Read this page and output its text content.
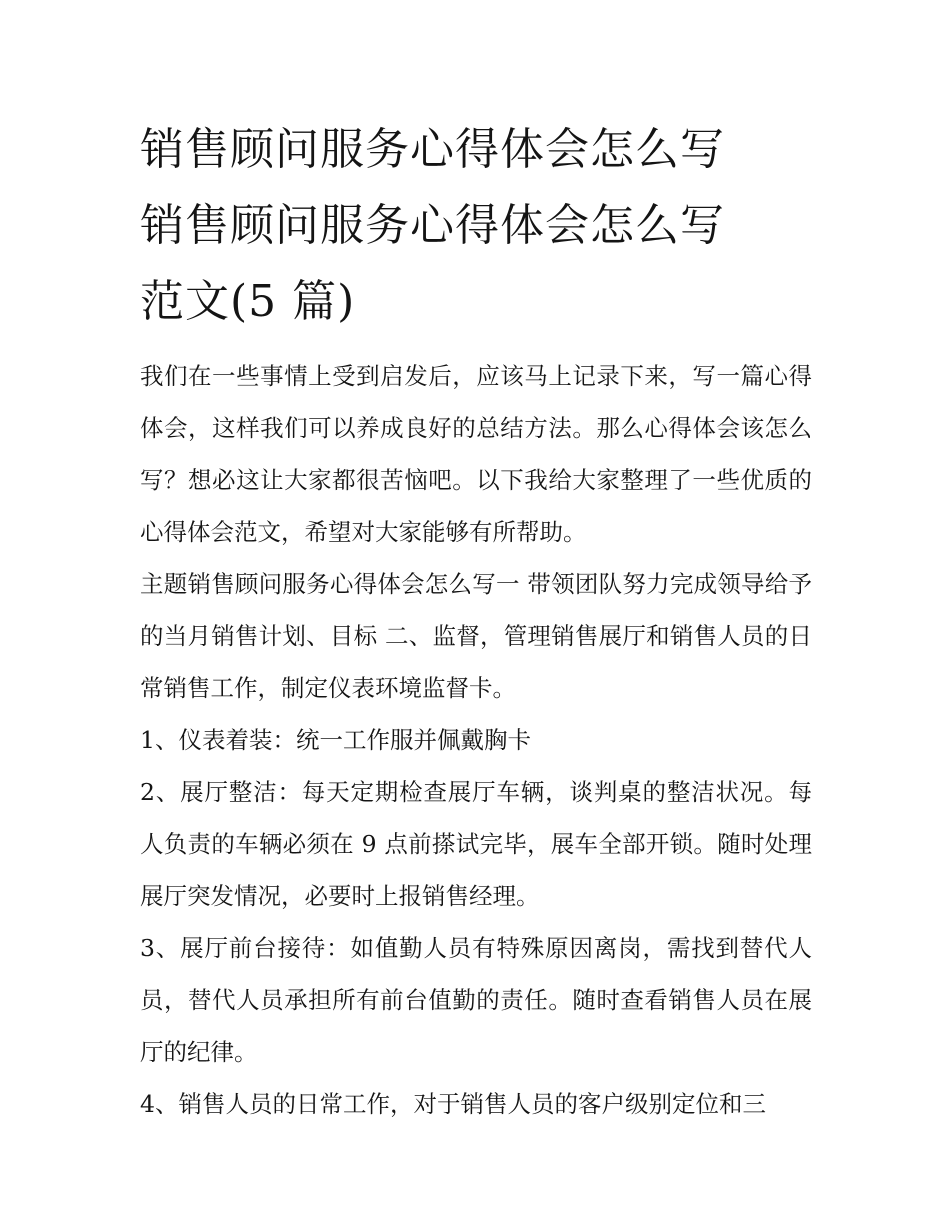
销售顾问服务心得体会怎么写
销售顾问服务心得体会怎么写
范文(5 篇)

我们在一些事情上受到启发后，应该马上记录下来，写一篇心得体会，这样我们可以养成良好的总结方法。那么心得体会该怎么写？想必这让大家都很苦恼吧。以下我给大家整理了一些优质的心得体会范文，希望对大家能够有所帮助。

主题销售顾问服务心得体会怎么写一 带领团队努力完成领导给予的当月销售计划、目标 二、监督，管理销售展厅和销售人员的日常销售工作，制定仪表环境监督卡。

1、仪表着装：统一工作服并佩戴胸卡

2、展厅整洁：每天定期检查展厅车辆，谈判桌的整洁状况。每人负责的车辆必须在 9 点前搽试完毕，展车全部开锁。随时处理展厅突发情况，必要时上报销售经理。

3、展厅前台接待：如值勤人员有特殊原因离岗，需找到替代人员，替代人员承担所有前台值勤的责任。随时查看销售人员在展厅的纪律。

4、销售人员的日常工作，对于销售人员的客户级别定位和三
